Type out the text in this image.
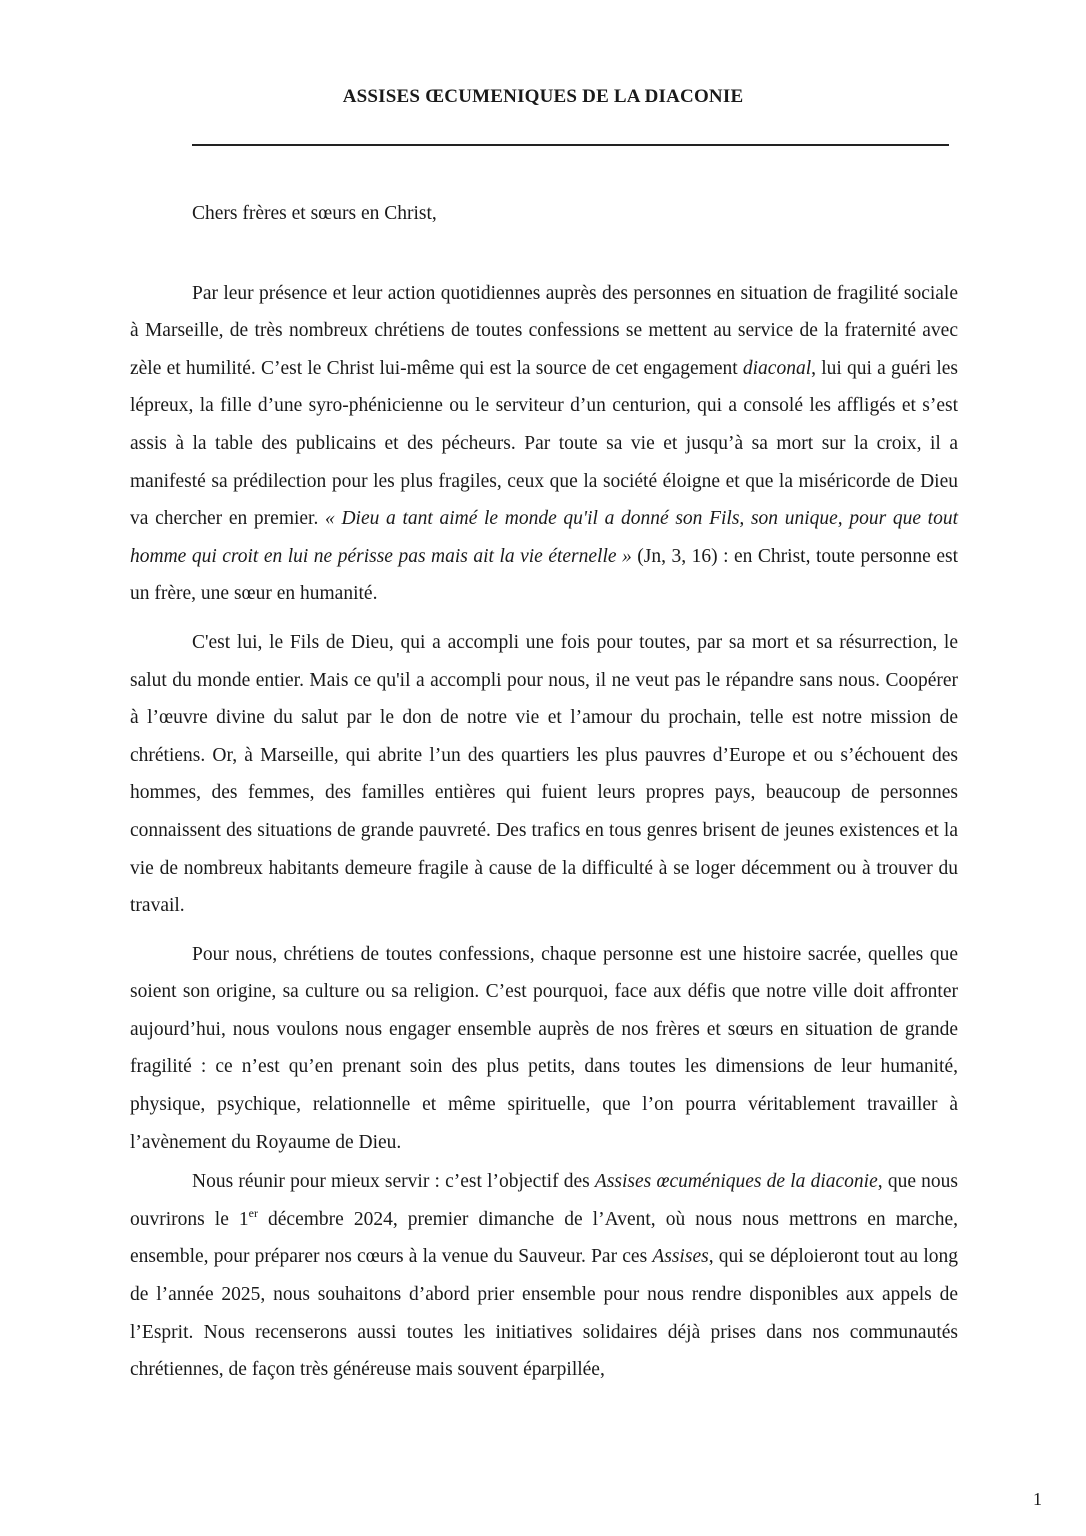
ASSISES ŒCUMENIQUES DE LA DIACONIE

Chers frères et sœurs en Christ,

Par leur présence et leur action quotidiennes auprès des personnes en situation de fragilité sociale à Marseille, de très nombreux chrétiens de toutes confessions se mettent au service de la fraternité avec zèle et humilité. C’est le Christ lui-même qui est la source de cet engagement diaconal, lui qui a guéri les lépreux, la fille d’une syro-phénicienne ou le serviteur d’un centurion, qui a consolé les affligés et s’est assis à la table des publicains et des pécheurs. Par toute sa vie et jusqu’à sa mort sur la croix, il a manifesté sa prédilection pour les plus fragiles, ceux que la société éloigne et que la miséricorde de Dieu va chercher en premier. « Dieu a tant aimé le monde qu'il a donné son Fils, son unique, pour que tout homme qui croit en lui ne périsse pas mais ait la vie éternelle » (Jn, 3, 16) : en Christ, toute personne est un frère, une sœur en humanité.

C'est lui, le Fils de Dieu, qui a accompli une fois pour toutes, par sa mort et sa résurrection, le salut du monde entier. Mais ce qu'il a accompli pour nous, il ne veut pas le répandre sans nous. Coopérer à l’œuvre divine du salut par le don de notre vie et l’amour du prochain, telle est notre mission de chrétiens. Or, à Marseille, qui abrite l’un des quartiers les plus pauvres d’Europe et ou s’échouent des hommes, des femmes, des familles entières qui fuient leurs propres pays, beaucoup de personnes connaissent des situations de grande pauvreté. Des trafics en tous genres brisent de jeunes existences et la vie de nombreux habitants demeure fragile à cause de la difficulté à se loger décemment ou à trouver du travail.

Pour nous, chrétiens de toutes confessions, chaque personne est une histoire sacrée, quelles que soient son origine, sa culture ou sa religion. C’est pourquoi, face aux défis que notre ville doit affronter aujourd’hui, nous voulons nous engager ensemble auprès de nos frères et sœurs en situation de grande fragilité : ce n’est qu’en prenant soin des plus petits, dans toutes les dimensions de leur humanité, physique, psychique, relationnelle et même spirituelle, que l’on pourra véritablement travailler à l’avènement du Royaume de Dieu.

Nous réunir pour mieux servir : c’est l’objectif des Assises œcuméniques de la diaconie, que nous ouvrirons le 1er décembre 2024, premier dimanche de l’Avent, où nous nous mettrons en marche, ensemble, pour préparer nos cœurs à la venue du Sauveur. Par ces Assises, qui se déploieront tout au long de l’année 2025, nous souhaitons d’abord prier ensemble pour nous rendre disponibles aux appels de l’Esprit. Nous recenserons aussi toutes les initiatives solidaires déjà prises dans nos communautés chrétiennes, de façon très généreuse mais souvent éparpillée,

1
